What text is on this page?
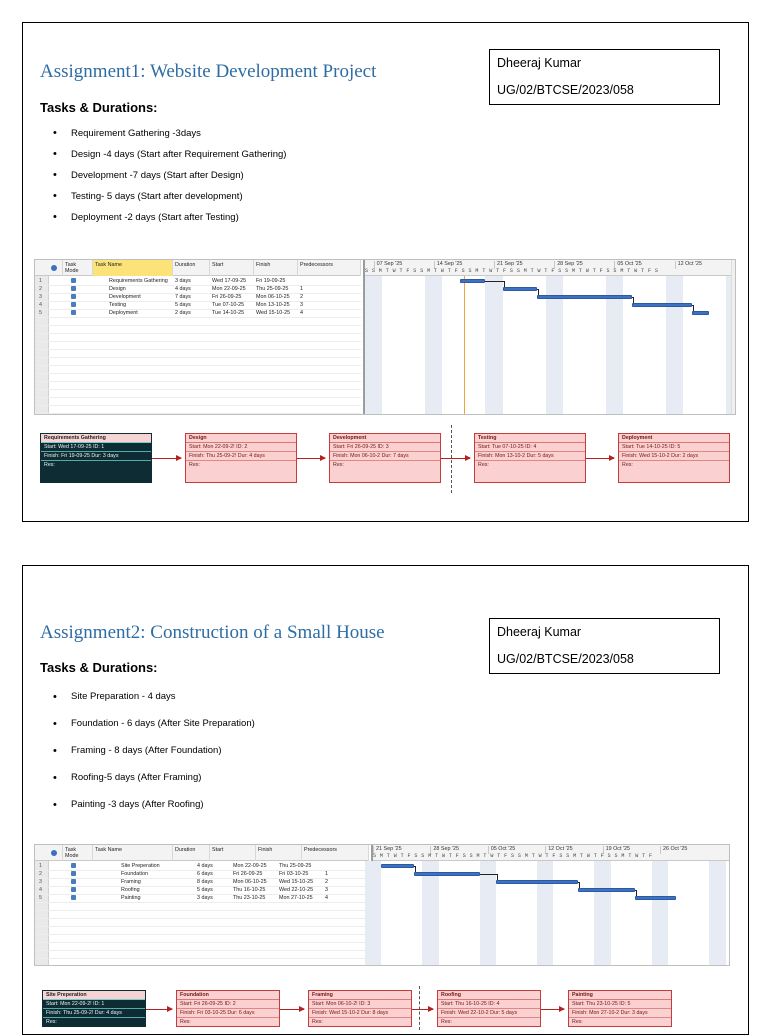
Assignment1: Website Development Project	Dheeraj Kumar
UG/02/BTCSE/2023/058
Tasks & Durations:
• Requirement Gathering -3days
• Design -4 days (Start after Requirement Gathering)
• Development -7 days (Start after Design)
• Testing- 5 days (Start after development)
• Deployment -2 days (Start after Testing)
Task Mode
Task Name	Duration	Start	Finish	Predecessors
1	Requirements Gathering	3 days	Wed 17-09-25	Fri 19-09-25
2	Design	4 days	Mon 22-09-25	Thu 25-09-25	1
3	Development	7 days	Fri 26-09-25	Mon 06-10-25	2
4	Testing	5 days	Tue 07-10-25	Mon 13-10-25	3
5	Deployment	2 days	Tue 14-10-25	Wed 15-10-25	4
07 Sep '25	14 Sep '25	21 Sep '25	28 Sep '25	05 Oct '25	12 Oct '25
S S M T W T F S S M T W T F S S M T W T F S S M T W T F S S M T W T F S S M T W T F S
Requirements Gathering
Start: Wed 17-09-25 ID: 1
Finish: Fri 19-09-25 Dur: 3 days
Res:
Design
Start: Mon 22-09-2! ID: 2
Finish: Thu 25-09-2! Dur: 4 days
Res:
Development
Start: Fri 26-09-25 ID: 3
Finish: Mon 06-10-2 Dur: 7 days
Res:
Testing
Start: Tue 07-10-25 ID: 4
Finish: Mon 13-10-2 Dur: 5 days
Res:
Deployment
Start: Tue 14-10-25 ID: 5
Finish: Wed 15-10-2 Dur: 2 days
Res:
Assignment2: Construction of a Small House	Dheeraj Kumar
UG/02/BTCSE/2023/058
Tasks & Durations:
• Site Preparation - 4 days
• Foundation - 6 days (After Site Preparation)
• Framing - 8 days (After Foundation)
• Roofing-5 days (After Framing)
• Painting -3 days (After Roofing)
Task Mode
Task Name	Duration	Start	Finish	Predecessors
1	Site Preperation	4 days	Mon 22-09-25	Thu 25-09-25
2	Foundation	6 days	Fri 26-09-25	Fri 03-10-25	1
3	Framing	8 days	Mon 06-10-25	Wed 15-10-25	2
4	Roofing	5 days	Thu 16-10-25	Wed 22-10-25	3
5	Painting	3 days	Thu 23-10-25	Mon 27-10-25	4
21 Sep '25	28 Sep '25	05 Oct '25	12 Oct '25	19 Oct '25	26 Oct '25
S M T W T F S S M T W T F S S M T W T F S S M T W T F S S M T W T F S S M T W T F
Site Preperation
Start: Mon 22-09-2! ID: 1
Finish: Thu 25-09-2! Dur: 4 days
Res:
Foundation
Start: Fri 26-09-25 ID: 2
Finish: Fri 03-10-25 Dur: 6 days
Res:
Framing
Start: Mon 06-10-2! ID: 3
Finish: Wed 15-10-2 Dur: 8 days
Res:
Roofing
Start: Thu 16-10-25 ID: 4
Finish: Wed 22-10-2 Dur: 5 days
Res:
Painting
Start: Thu 23-10-25 ID: 5
Finish: Mon 27-10-2 Dur: 3 days
Res:
